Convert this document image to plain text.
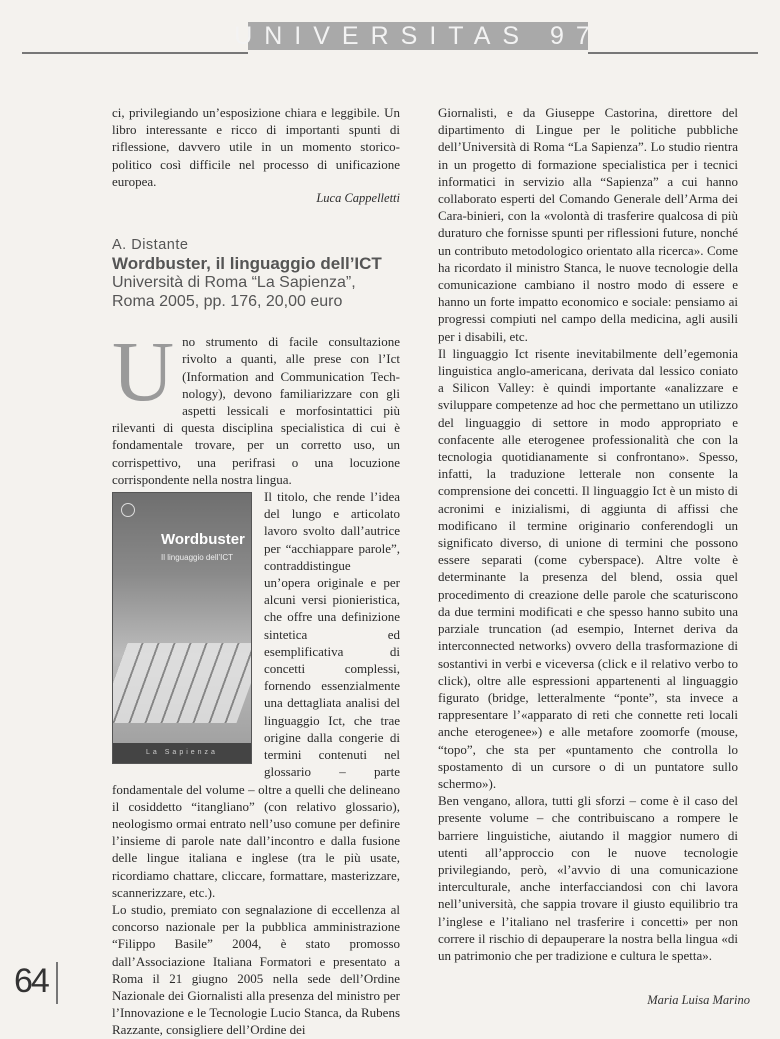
UNIVERSITAS 97

ci, privilegiando un’esposizione chiara e leggibile. Un libro interessante e ricco di importanti spunti di riflessione, davvero utile in un momento storico-politico così difficile nel processo di unificazione europea.

Luca Cappelletti

A. Distante
Wordbuster, il linguaggio dell’ICT
Università di Roma “La Sapienza”,
Roma 2005, pp. 176, 20,00 euro
U no strumento di facile consultazione rivolto a quanti, alle prese con l’Ict (Information and Communication Tech-nology), devono familiarizzare con gli aspetti lessicali e morfosintattici più rilevanti di questa disciplina specialistica di cui è fondamentale trovare, per un corretto uso, un corrispettivo, una perifrasi o una locuzione corrispondente nella nostra lingua.

Wordbuster
Il linguaggio dell’ICT
La Sapienza

Il titolo, che rende l’idea del lungo e articolato lavoro svolto dall’autrice per “acchiappare parole”, contraddistingue un’opera originale e per alcuni versi pionieristica, che offre una definizione sintetica ed esemplificativa di concetti complessi, fornendo essenzialmente una dettagliata analisi del linguaggio Ict, che trae origine dalla congerie di termini contenuti nel glossario – parte fondamentale del volume – oltre a quelli che delineano il cosiddetto “itangliano” (con relativo glossario), neologismo ormai entrato nell’uso comune per definire l’insieme di parole nate dall’incontro e dalla fusione delle lingue italiana e inglese (tra le più usate, ricordiamo chattare, cliccare, formattare, masterizzare, scannerizzare, etc.).

Lo studio, premiato con segnalazione di eccellenza al concorso nazionale per la pubblica amministrazione “Filippo Basile” 2004, è stato promosso dall’Associazione Italiana Formatori e presentato a Roma il 21 giugno 2005 nella sede dell’Ordine Nazionale dei Giornalisti alla presenza del ministro per l’Innovazione e le Tecnologie Lucio Stanca, da Rubens Razzante, consigliere dell’Ordine dei

Giornalisti, e da Giuseppe Castorina, direttore del dipartimento di Lingue per le politiche pubbliche dell’Università di Roma “La Sapienza”. Lo studio rientra in un progetto di formazione specialistica per i tecnici informatici in servizio alla “Sapienza” a cui hanno collaborato esperti del Comando Generale dell’Arma dei Cara-binieri, con la «volontà di trasferire qualcosa di più duraturo che fornisse spunti per riflessioni future, nonché un contributo metodologico orientato alla ricerca». Come ha ricordato il ministro Stanca, le nuove tecnologie della comunicazione cambiano il nostro modo di essere e hanno un forte impatto economico e sociale: pensiamo ai progressi compiuti nel campo della medicina, agli ausili per i disabili, etc.

Il linguaggio Ict risente inevitabilmente dell’egemonia linguistica anglo-americana, derivata dal lessico coniato a Silicon Valley: è quindi importante «analizzare e sviluppare competenze ad hoc che permettano un utilizzo del linguaggio di settore in modo appropriato e confacente alle eterogenee professionalità che con la tecnologia quotidianamente si confrontano». Spesso, infatti, la traduzione letterale non consente la comprensione dei concetti. Il linguaggio Ict è un misto di acronimi e inizialismi, di aggiunta di affissi che modificano il termine originario conferendogli un significato diverso, di unione di termini che possono essere separati (come cyberspace). Altre volte è determinante la presenza del blend, ossia quel procedimento di creazione delle parole che scaturiscono da due termini modificati e che spesso hanno subito una parziale truncation (ad esempio, Internet deriva da interconnected networks) ovvero della trasformazione di sostantivi in verbi e viceversa (click e il relativo verbo to click), oltre alle espressioni appartenenti al linguaggio figurato (bridge, letteralmente “ponte”, sta invece a rappresentare l’«apparato di reti che connette reti locali anche eterogenee») e alle metafore zoomorfe (mouse, “topo”, che sta per «puntamento che controlla lo spostamento di un cursore o di un puntatore sullo schermo»).

Ben vengano, allora, tutti gli sforzi – come è il caso del presente volume – che contribuiscano a rompere le barriere linguistiche, aiutando il maggior numero di utenti all’approccio con le nuove tecnologie privilegiando, però, «l’avvio di una comunicazione interculturale, anche interfacciandosi con chi lavora nell’università, che sappia trovare il giusto equilibrio tra l’inglese e l’italiano nel trasferire i concetti» per non correre il rischio di depauperare la nostra bella lingua «di un patrimonio che per tradizione e cultura le spetta».

64	Maria Luisa Marino
